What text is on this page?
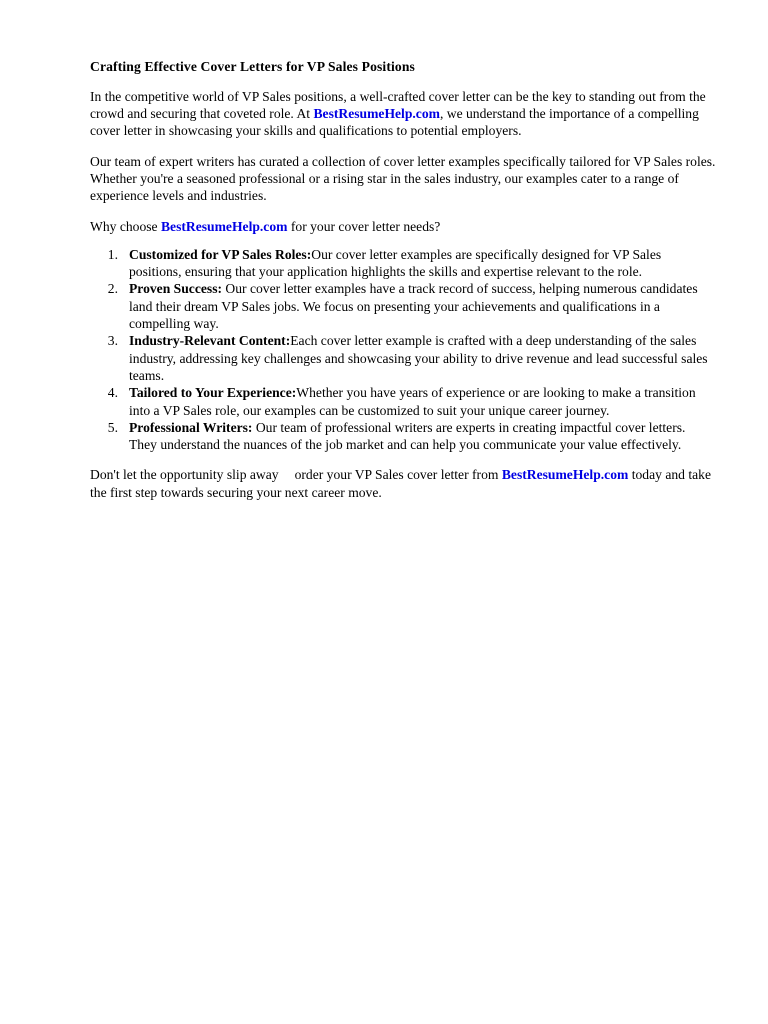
Crafting Effective Cover Letters for VP Sales Positions

In the competitive world of VP Sales positions, a well-crafted cover letter can be the key to standing out from the crowd and securing that coveted role. At BestResumeHelp.com, we understand the importance of a compelling cover letter in showcasing your skills and qualifications to potential employers.

Our team of expert writers has curated a collection of cover letter examples specifically tailored for VP Sales roles. Whether you're a seasoned professional or a rising star in the sales industry, our examples cater to a range of experience levels and industries.

Why choose BestResumeHelp.com for your cover letter needs?

Customized for VP Sales Roles:Our cover letter examples are specifically designed for VP Sales positions, ensuring that your application highlights the skills and expertise relevant to the role.
Proven Success: Our cover letter examples have a track record of success, helping numerous candidates land their dream VP Sales jobs. We focus on presenting your achievements and qualifications in a compelling way.
Industry-Relevant Content:Each cover letter example is crafted with a deep understanding of the sales industry, addressing key challenges and showcasing your ability to drive revenue and lead successful sales teams.
Tailored to Your Experience:Whether you have years of experience or are looking to make a transition into a VP Sales role, our examples can be customized to suit your unique career journey.
Professional Writers: Our team of professional writers are experts in creating impactful cover letters. They understand the nuances of the job market and can help you communicate your value effectively.

Don't let the opportunity slip away order your VP Sales cover letter from BestResumeHelp.com today and take the first step towards securing your next career move.
